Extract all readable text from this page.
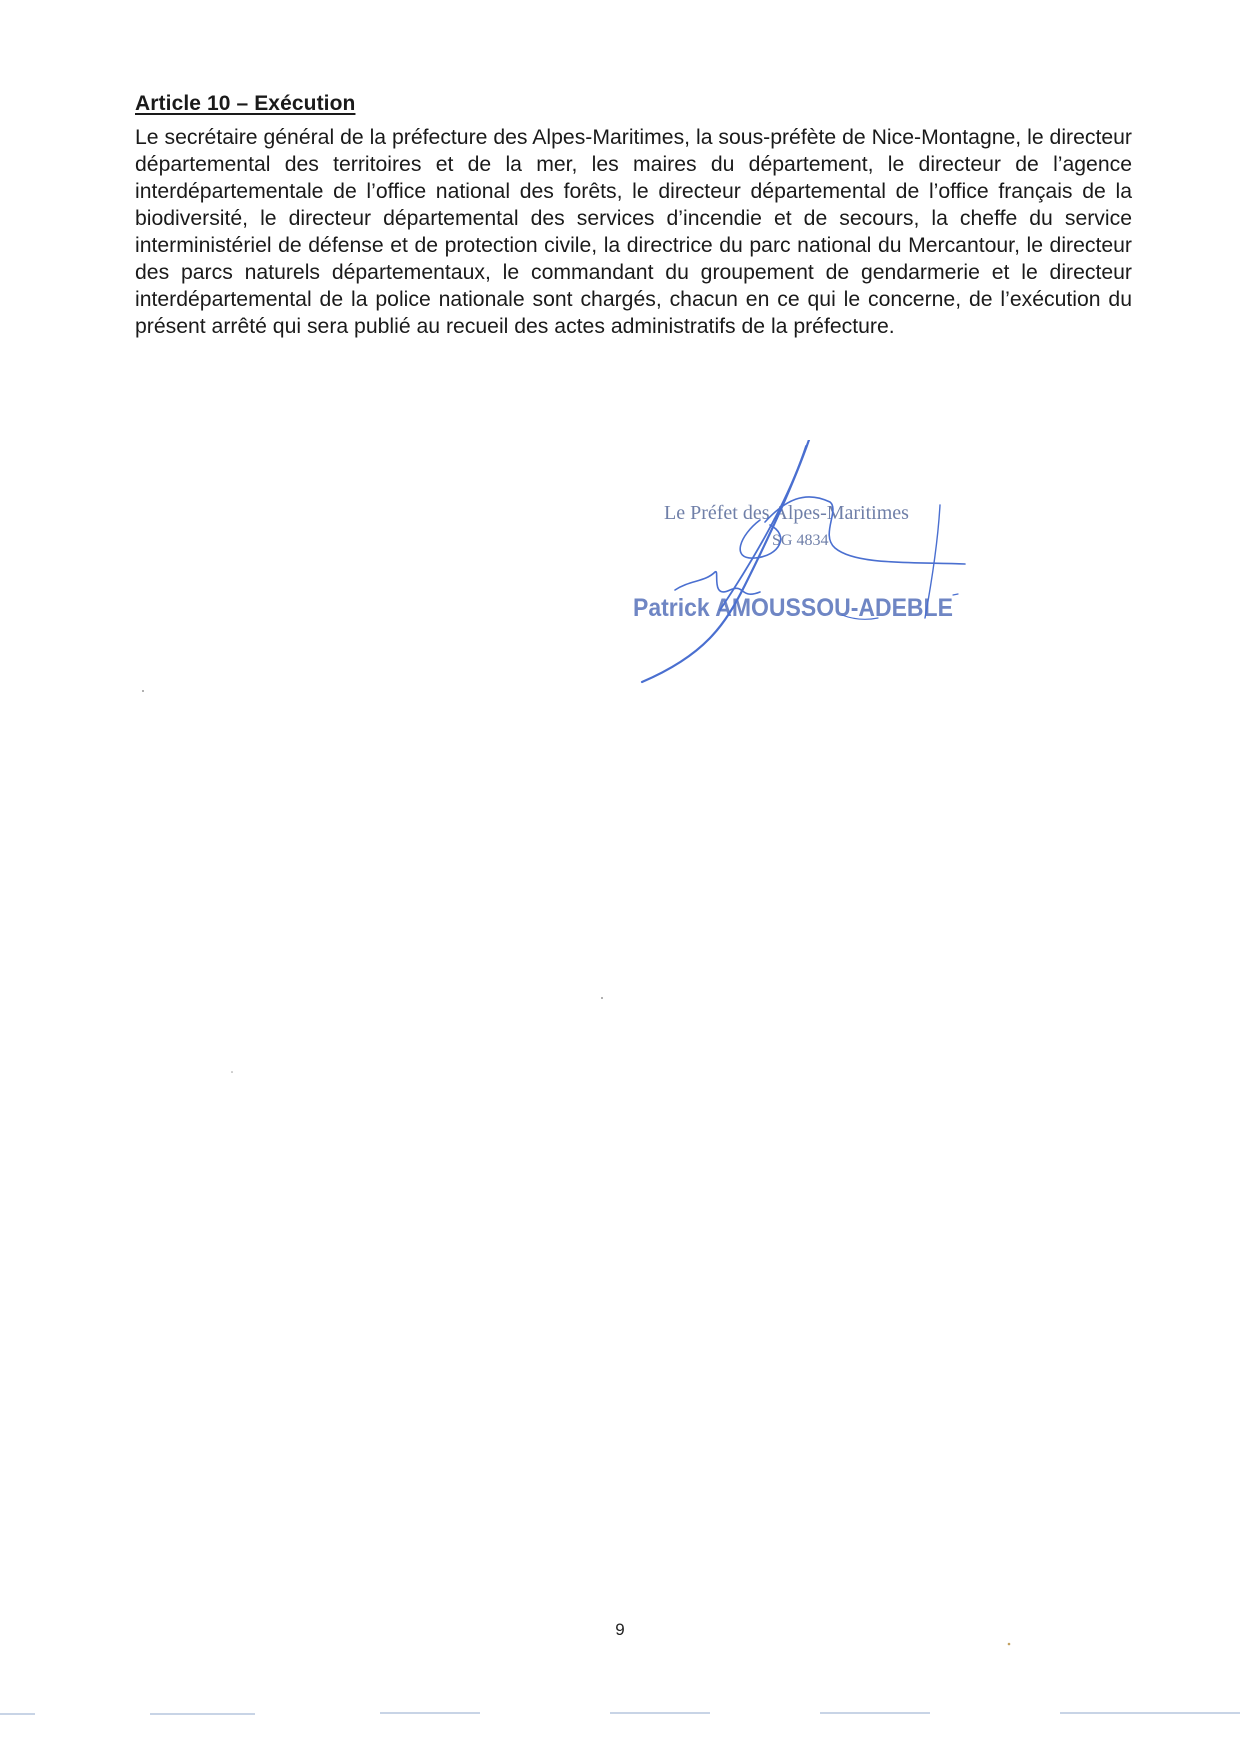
Article 10 – Exécution

Le secrétaire général de la préfecture des Alpes-Maritimes, la sous-préfète de Nice-Montagne, le directeur départemental des territoires et de la mer, les maires du département, le directeur de l’agence interdépartementale de l’office national des forêts, le directeur départemental de l’office français de la biodiversité, le directeur départemental des services d’incendie et de secours, la cheffe du service interministériel de défense et de protection civile, la directrice du parc national du Mercantour, le directeur des parcs naturels départementaux, le commandant du groupement de gendarmerie et le directeur interdépartemental de la police nationale sont chargés, chacun en ce qui le concerne, de l’exécution du présent arrêté qui sera publié au recueil des actes administratifs de la préfecture.

Le Préfet des Alpes-Maritimes
SG 4834
Patrick AMOUSSOU-ADEBLE
9
